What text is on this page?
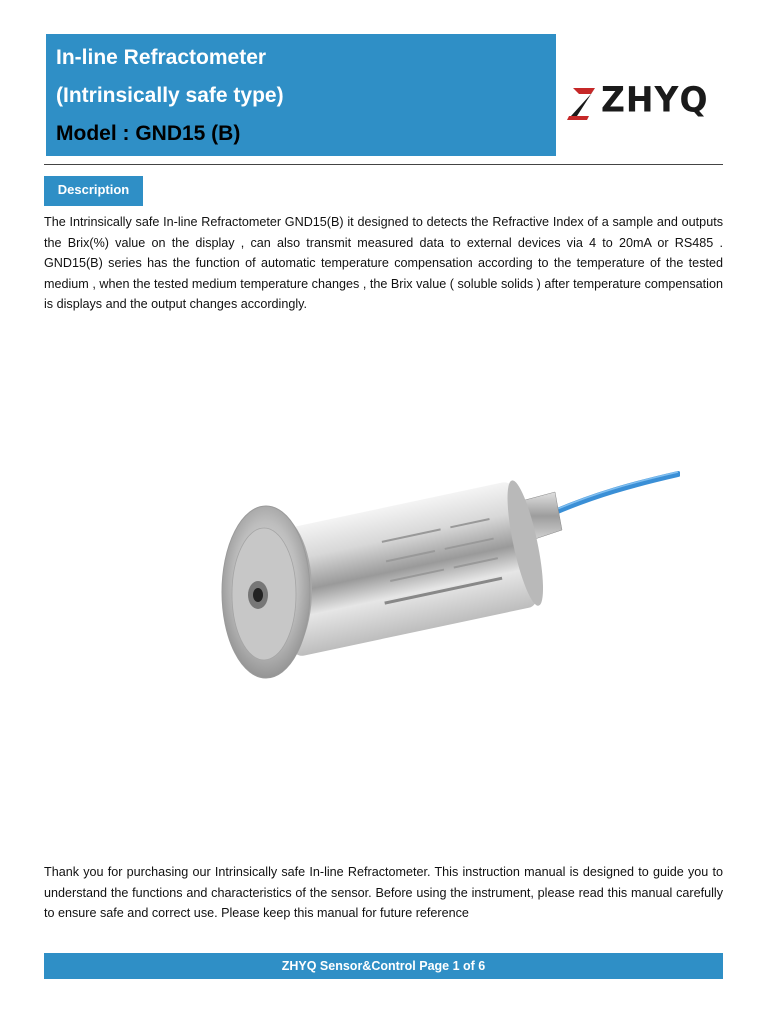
In-line Refractometer
(Intrinsically safe type)
Model : GND15 (B)
ZHYQ
Description

The Intrinsically safe In-line Refractometer GND15(B) it designed to detects the Refractive Index of a sample and outputs the Brix(%) value on the display , can also transmit measured data to external devices via 4 to 20mA or RS485 . GND15(B) series has the function of automatic temperature compensation according to the temperature of the tested medium , when the tested medium temperature changes , the Brix value ( soluble solids ) after temperature compensation is displays and the output changes accordingly.

Thank you for purchasing our Intrinsically safe In-line Refractometer. This instruction manual is designed to guide you to understand the functions and characteristics of the sensor. Before using the instrument, please read this manual carefully to ensure safe and correct use. Please keep this manual for future reference

ZHYQ Sensor&Control Page 1 of 6
